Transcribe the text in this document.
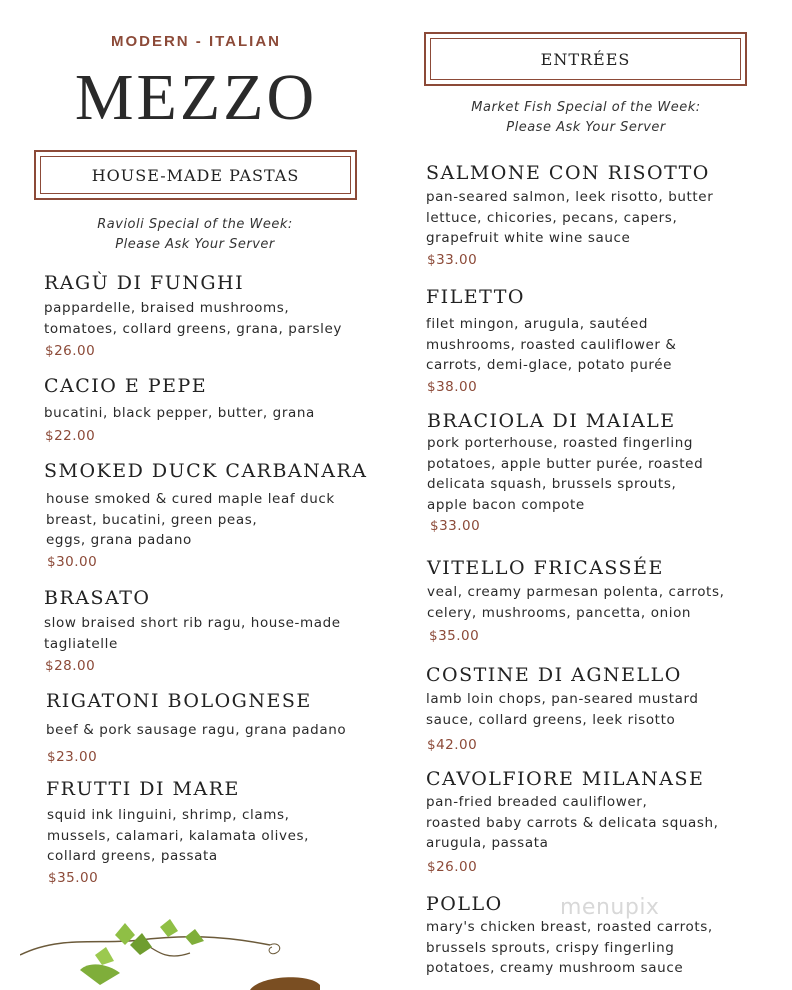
MODERN - ITALIAN
MEZZO
HOUSE-MADE PASTAS
Ravioli Special of the Week:
Please Ask Your Server
RAGÙ DI FUNGHI
pappardelle, braised mushrooms,
tomatoes, collard greens, grana, parsley
$26.00
CACIO E PEPE
bucatini, black pepper, butter, grana
$22.00
SMOKED DUCK CARBANARA
house smoked & cured maple leaf duck
breast, bucatini, green peas,
eggs, grana padano
$30.00
BRASATO
slow braised short rib ragu, house-made
tagliatelle
$28.00
RIGATONI BOLOGNESE
beef & pork sausage ragu, grana padano
$23.00
FRUTTI DI MARE
squid ink linguini, shrimp, clams,
mussels, calamari, kalamata olives,
collard greens, passata
$35.00
ENTRÉES
Market Fish Special of the Week:
Please Ask Your Server
SALMONE CON RISOTTO
pan-seared salmon, leek risotto, butter
lettuce, chicories, pecans, capers,
grapefruit white wine sauce
$33.00
FILETTO
filet mingon, arugula, sautéed
mushrooms, roasted cauliflower &
carrots, demi-glace, potato purée
$38.00
BRACIOLA DI MAIALE
pork porterhouse, roasted fingerling
potatoes, apple butter purée, roasted
delicata squash, brussels sprouts,
apple bacon compote
$33.00
VITELLO FRICASSÉE
veal, creamy parmesan polenta, carrots,
celery, mushrooms, pancetta, onion
$35.00
COSTINE DI AGNELLO
lamb loin chops, pan-seared mustard
sauce, collard greens, leek risotto
$42.00
CAVOLFIORE MILANASE
pan-fried breaded cauliflower,
roasted baby carrots & delicata squash,
arugula, passata
$26.00
POLLO
mary's chicken breast, roasted carrots,
brussels sprouts, crispy fingerling
potatoes, creamy mushroom sauce
menupix
